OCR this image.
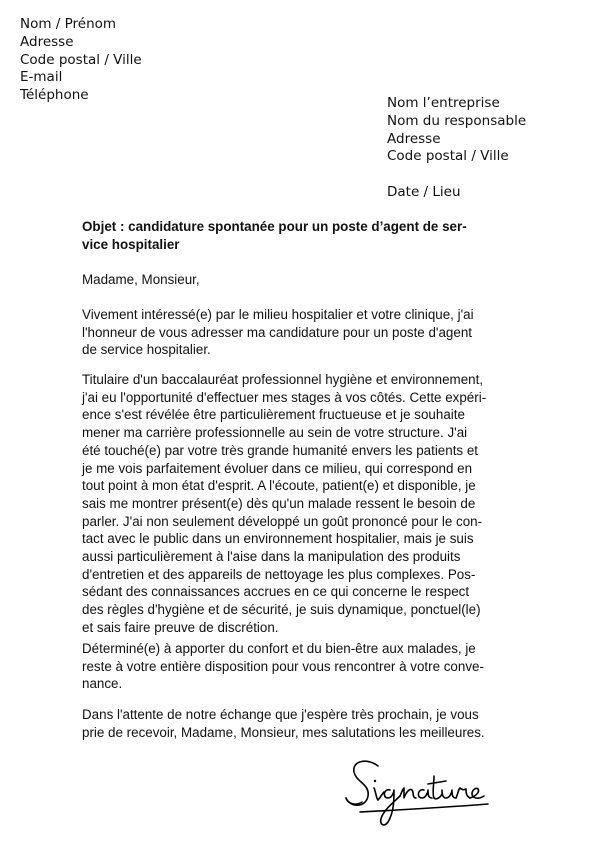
Nom / Prénom
Adresse
Code postal / Ville
E-mail
Téléphone	Nom l’entreprise
Nom du responsable
Adresse
Code postal / Ville
Date / Lieu
Objet : candidature spontanée pour un poste d’agent de ser-
vice hospitalier
Madame, Monsieur,
Vivement intéressé(e) par le milieu hospitalier et votre clinique, j'ai
l'honneur de vous adresser ma candidature pour un poste d'agent
de service hospitalier.
Titulaire d'un baccalauréat professionnel hygiène et environnement,
j'ai eu l'opportunité d'effectuer mes stages à vos côtés. Cette expéri-
ence s'est révélée être particulièrement fructueuse et je souhaite
mener ma carrière professionnelle au sein de votre structure. J'ai
été touché(e) par votre très grande humanité envers les patients et
je me vois parfaitement évoluer dans ce milieu, qui correspond en
tout point à mon état d'esprit. A l'écoute, patient(e) et disponible, je
sais me montrer présent(e) dès qu'un malade ressent le besoin de
parler. J'ai non seulement développé un goût prononcé pour le con-
tact avec le public dans un environnement hospitalier, mais je suis
aussi particulièrement à l'aise dans la manipulation des produits
d'entretien et des appareils de nettoyage les plus complexes. Pos-
sédant des connaissances accrues en ce qui concerne le respect
des règles d'hygiène et de sécurité, je suis dynamique, ponctuel(le)
et sais faire preuve de discrétion.
Déterminé(e) à apporter du confort et du bien-être aux malades, je
reste à votre entière disposition pour vous rencontrer à votre conve-
nance.
Dans l'attente de notre échange que j'espère très prochain, je vous
prie de recevoir, Madame, Monsieur, mes salutations les meilleures.
